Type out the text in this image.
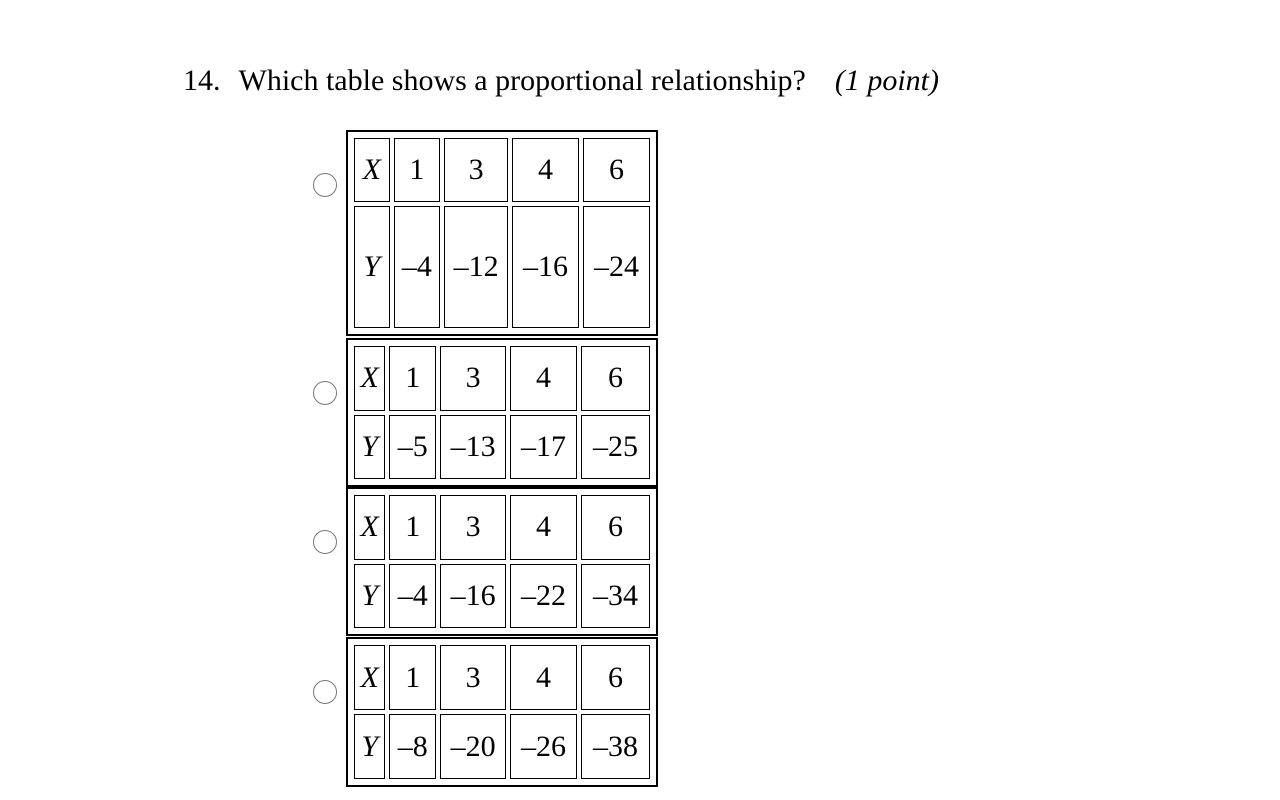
14. Which table shows a proportional relationship? (1 point)
X	1	3	4	6
Y	–4	–12	–16	–24
X	1	3	4	6
Y	–5	–13	–17	–25
X	1	3	4	6
Y	–4	–16	–22	–34
X	1	3	4	6
Y	–8	–20	–26	–38
